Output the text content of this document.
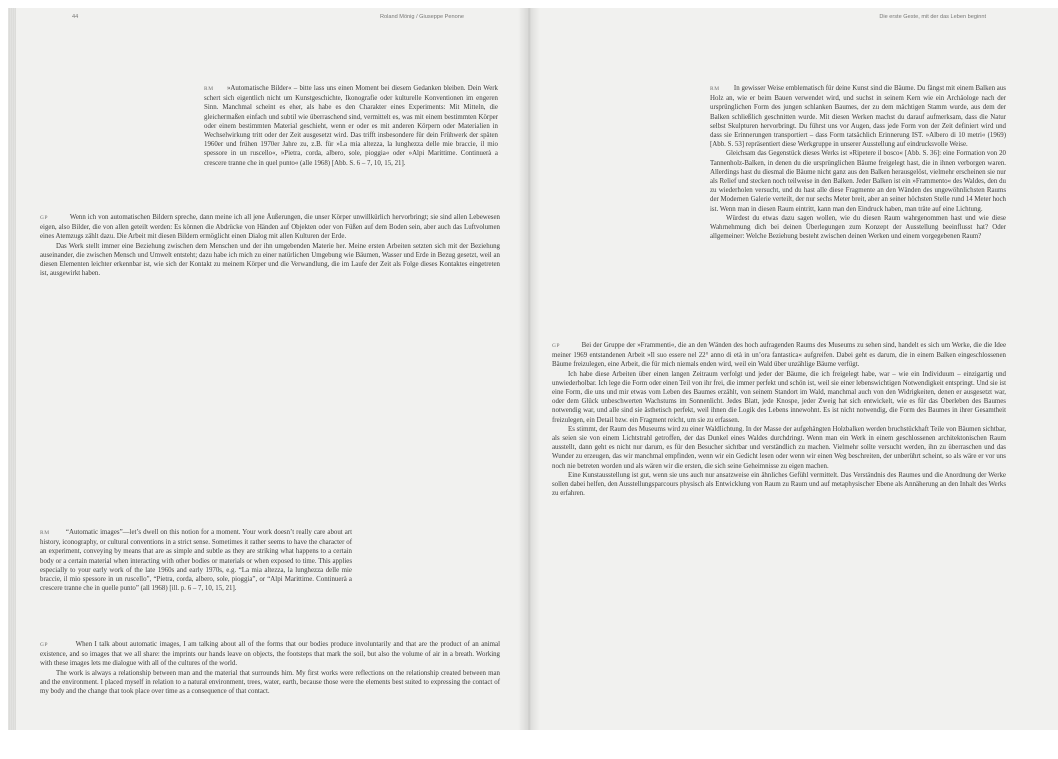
44	Roland Mönig / Giuseppe Penone	Die erste Geste, mit der das Leben beginnt

RM »Automatische Bilder« – bitte lass uns einen Moment bei diesem Gedanken bleiben. Dein Werk schert sich eigentlich nicht um Kunstgeschichte, Ikonografie oder kulturelle Konventionen im engeren Sinn. Manchmal scheint es eher, als habe es den Charakter eines Experiments: Mit Mitteln, die gleichermaßen einfach und subtil wie überraschend sind, vermittelt es, was mit einem bestimmten Körper oder einem bestimmten Material geschieht, wenn er oder es mit anderen Körpern oder Materialien in Wechselwirkung tritt oder der Zeit ausgesetzt wird. Das trifft insbesondere für dein Frühwerk der späten 1960er und frühen 1970er Jahre zu, z.B. für »La mia altezza, la lunghezza delle mie braccie, il mio spessore in un ruscello«, »Pietra, corda, albero, sole, pioggia« oder »Alpi Marittime. Continuerà a crescere tranne che in quel punto« (alle 1968) [Abb. S. 6 – 7, 10, 15, 21].

GP	Wenn ich von automatischen Bildern spreche, dann meine ich all jene Äußerungen, die unser Körper unwillkürlich hervorbringt; sie sind allen Lebewesen eigen, also Bilder, die von allen geteilt werden: Es können die Abdrücke von Händen auf Objekten oder von Füßen auf dem Boden sein, aber auch das Luftvolumen eines Atemzugs zählt dazu. Die Arbeit mit diesen Bildern ermöglicht einen Dialog mit allen Kulturen der Erde.

Das Werk stellt immer eine Beziehung zwischen dem Menschen und der ihn umgebenden Materie her. Meine ersten Arbeiten setzten sich mit der Beziehung auseinander, die zwischen Mensch und Umwelt entsteht; dazu habe ich mich zu einer natürlichen Umgebung wie Bäumen, Wasser und Erde in Bezug gesetzt, weil an diesen Elementen leichter erkennbar ist, wie sich der Kontakt zu meinem Körper und die Verwandlung, die im Laufe der Zeit als Folge dieses Kontaktes eingetreten ist, ausgewirkt haben.

RM “Automatic images”—let’s dwell on this notion for a moment. Your work doesn’t really care about art history, iconography, or cultural conventions in a strict sense. Sometimes it rather seems to have the character of an experiment, conveying by means that are as simple and subtle as they are striking what happens to a certain body or a certain material when interacting with other bodies or materials or when exposed to time. This applies especially to your early work of the late 1960s and early 1970s, e.g. “La mia altezza, la lunghezza delle mie braccie, il mio spessore in un ruscello”, “Pietra, corda, albero, sole, pioggia”, or “Alpi Marittime. Continuerà a crescere tranne che in quelle punto” (all 1968) [ill. p. 6 – 7, 10, 15, 21].

GP	When I talk about automatic images, I am talking about all of the forms that our bodies produce involuntarily and that are the product of an animal existence, and so images that we all share: the imprints our hands leave on objects, the footsteps that mark the soil, but also the volume of air in a breath. Working with these images lets me dialogue with all of the cultures of the world.

The work is always a relationship between man and the material that surrounds him. My first works were reflections on the relationship created between man and the environment. I placed myself in relation to a natural environment, trees, water, earth, because those were the elements best suited to expressing the contact of my body and the change that took place over time as a consequence of that contact.

RM In gewisser Weise emblematisch für deine Kunst sind die Bäume. Du fängst mit einem Balken aus Holz an, wie er beim Bauen verwendet wird, und suchst in seinem Kern wie ein Archäologe nach der ursprünglichen Form des jungen schlanken Baumes, der zu dem mächtigen Stamm wurde, aus dem der Balken schließlich geschnitten wurde. Mit diesen Werken machst du darauf aufmerksam, dass die Natur selbst Skulpturen hervorbringt. Du führst uns vor Augen, dass jede Form von der Zeit definiert wird und dass sie Erinnerungen transportiert – dass Form tatsächlich Erinnerung IST. »Albero di 10 metri« (1969) [Abb. S. 53] repräsentiert diese Werkgruppe in unserer Ausstellung auf eindrucksvolle Weise.

Gleichsam das Gegenstück dieses Werks ist »Ripetere il bosco« [Abb. S. 36]: eine Formation von 20 Tannenholz-Balken, in denen du die ursprünglichen Bäume freigelegt hast, die in ihnen verborgen waren. Allerdings hast du diesmal die Bäume nicht ganz aus den Balken herausgelöst, vielmehr erscheinen sie nur als Relief und stecken noch teilweise in den Balken. Jeder Balken ist ein »Frammento« des Waldes, den du zu wiederholen versucht, und du hast alle diese Fragmente an den Wänden des ungewöhnlichsten Raums der Modernen Galerie verteilt, der nur sechs Meter breit, aber an seiner höchsten Stelle rund 14 Meter hoch ist. Wenn man in diesen Raum eintritt, kann man den Eindruck haben, man träte auf eine Lichtung.

Würdest du etwas dazu sagen wollen, wie du diesen Raum wahrgenommen hast und wie diese Wahrnehmung dich bei deinen Überlegungen zum Konzept der Ausstellung beeinflusst hat? Oder allgemeiner: Welche Beziehung besteht zwischen deinen Werken und einem vorgegebenen Raum?

GP	Bei der Gruppe der »Frammenti«, die an den Wänden des hoch aufragenden Raums des Museums zu sehen sind, handelt es sich um Werke, die die Idee meiner 1969 entstandenen Arbeit »Il suo essere nel 22° anno di età in un’ora fantastica« aufgreifen. Dabei geht es darum, die in einem Balken eingeschlossenen Bäume freizulegen, eine Arbeit, die für mich niemals enden wird, weil ein Wald über unzählige Bäume verfügt.

Ich habe diese Arbeiten über einen langen Zeitraum verfolgt und jeder der Bäume, die ich freigelegt habe, war – wie ein Individuum – einzigartig und unwiederholbar. Ich lege die Form oder einen Teil von ihr frei, die immer perfekt und schön ist, weil sie einer lebenswichtigen Notwendigkeit entspringt. Und sie ist eine Form, die uns und mir etwas vom Leben des Baumes erzählt, von seinem Standort im Wald, manchmal auch von den Widrigkeiten, denen er ausgesetzt war, oder dem Glück unbeschwerten Wachstums im Sonnenlicht. Jedes Blatt, jede Knospe, jeder Zweig hat sich entwickelt, wie es für das Überleben des Baumes notwendig war, und alle sind sie ästhetisch perfekt, weil ihnen die Logik des Lebens innewohnt. Es ist nicht notwendig, die Form des Baumes in ihrer Gesamtheit freizulegen, ein Detail bzw. ein Fragment reicht, um sie zu erfassen.

Es stimmt, der Raum des Museums wird zu einer Waldlichtung. In der Masse der aufgehängten Holzbalken werden bruchstückhaft Teile von Bäumen sichtbar, als seien sie von einem Lichtstrahl getroffen, der das Dunkel eines Waldes durchdringt. Wenn man ein Werk in einem geschlossenen architektonischen Raum ausstellt, dann geht es nicht nur darum, es für den Besucher sichtbar und verständlich zu machen. Vielmehr sollte versucht werden, ihn zu überraschen und das Wunder zu erzeugen, das wir manchmal empfinden, wenn wir ein Gedicht lesen oder wenn wir einen Weg beschreiten, der unberührt scheint, so als wäre er vor uns noch nie betreten worden und als wären wir die ersten, die sich seine Geheimnisse zu eigen machen.

Eine Kunstausstellung ist gut, wenn sie uns auch nur ansatzweise ein ähnliches Gefühl vermittelt. Das Verständnis des Raumes und die Anordnung der Werke sollen dabei helfen, den Ausstellungsparcours physisch als Entwicklung von Raum zu Raum und auf metaphysischer Ebene als Annäherung an den Inhalt des Werks zu erfahren.
